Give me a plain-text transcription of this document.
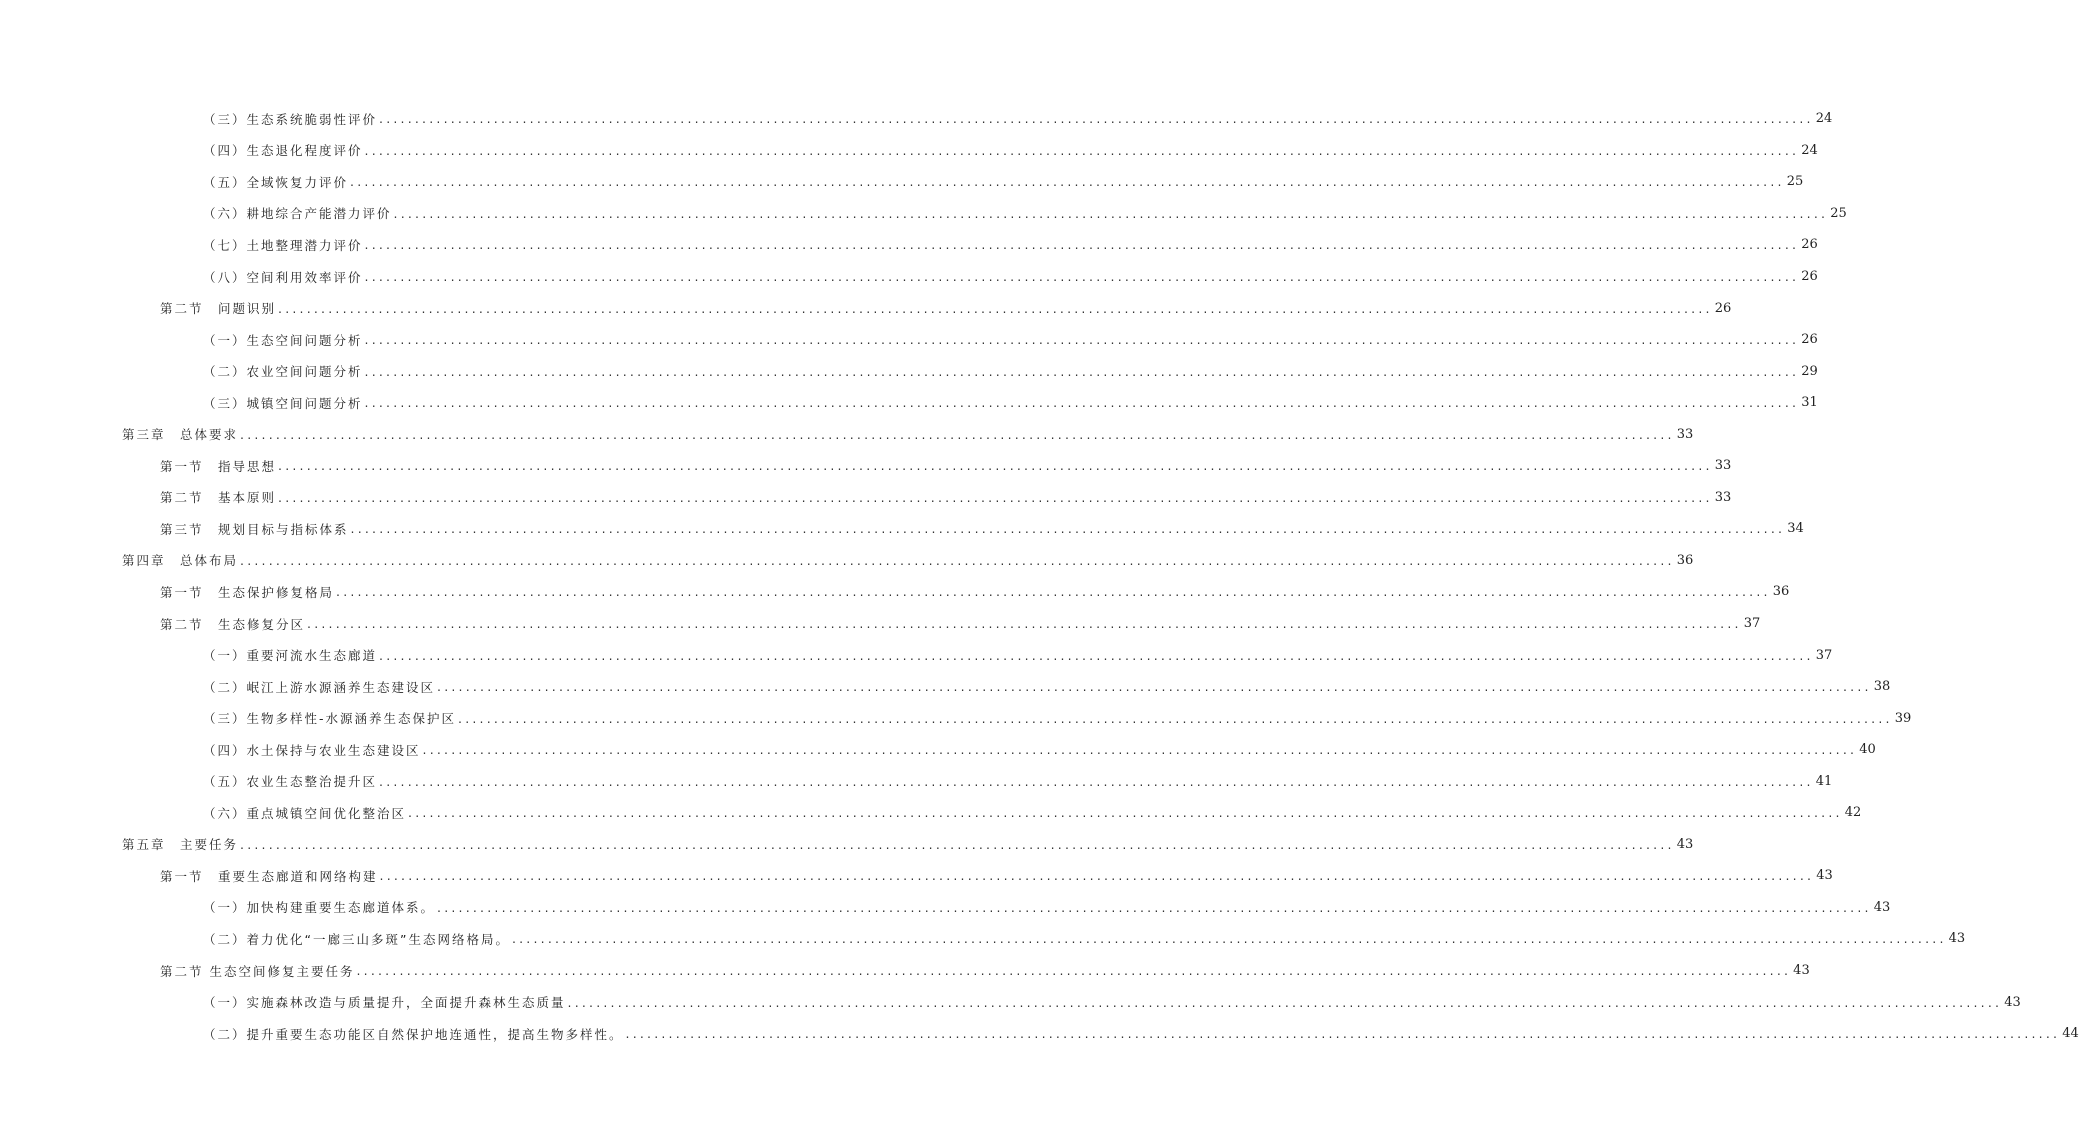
（三）生态系统脆弱性评价 ........................................................................................................................................................................................................ 24
（四）生态退化程度评价 ........................................................................................................................................................................................................ 24
（五）全域恢复力评价 ........................................................................................................................................................................................................ 25
（六）耕地综合产能潜力评价 ........................................................................................................................................................................................................ 25
（七）土地整理潜力评价 ........................................................................................................................................................................................................ 26
（八）空间利用效率评价 ........................................................................................................................................................................................................ 26
第二节　问题识别 ........................................................................................................................................................................................................ 26
（一）生态空间问题分析 ........................................................................................................................................................................................................ 26
（二）农业空间问题分析 ........................................................................................................................................................................................................ 29
（三）城镇空间问题分析 ........................................................................................................................................................................................................ 31
第三章　总体要求 ........................................................................................................................................................................................................ 33
第一节　指导思想 ........................................................................................................................................................................................................ 33
第二节　基本原则 ........................................................................................................................................................................................................ 33
第三节　规划目标与指标体系 ........................................................................................................................................................................................................ 34
第四章　总体布局 ........................................................................................................................................................................................................ 36
第一节　生态保护修复格局 ........................................................................................................................................................................................................ 36
第二节　生态修复分区 ........................................................................................................................................................................................................ 37
（一）重要河流水生态廊道 ........................................................................................................................................................................................................ 37
（二）岷江上游水源涵养生态建设区 ........................................................................................................................................................................................................ 38
（三）生物多样性-水源涵养生态保护区 ........................................................................................................................................................................................................ 39
（四）水土保持与农业生态建设区 ........................................................................................................................................................................................................ 40
（五）农业生态整治提升区 ........................................................................................................................................................................................................ 41
（六）重点城镇空间优化整治区 ........................................................................................................................................................................................................ 42
第五章　主要任务 ........................................................................................................................................................................................................ 43
第一节　重要生态廊道和网络构建 ........................................................................................................................................................................................................ 43
（一）加快构建重要生态廊道体系。 ........................................................................................................................................................................................................ 43
（二）着力优化“一廊三山多斑”生态网络格局。 ........................................................................................................................................................................................................ 43
第二节 生态空间修复主要任务 ........................................................................................................................................................................................................ 43
（一）实施森林改造与质量提升，全面提升森林生态质量 ........................................................................................................................................................................................................ 43
（二）提升重要生态功能区自然保护地连通性，提高生物多样性。 ........................................................................................................................................................................................................ 44
